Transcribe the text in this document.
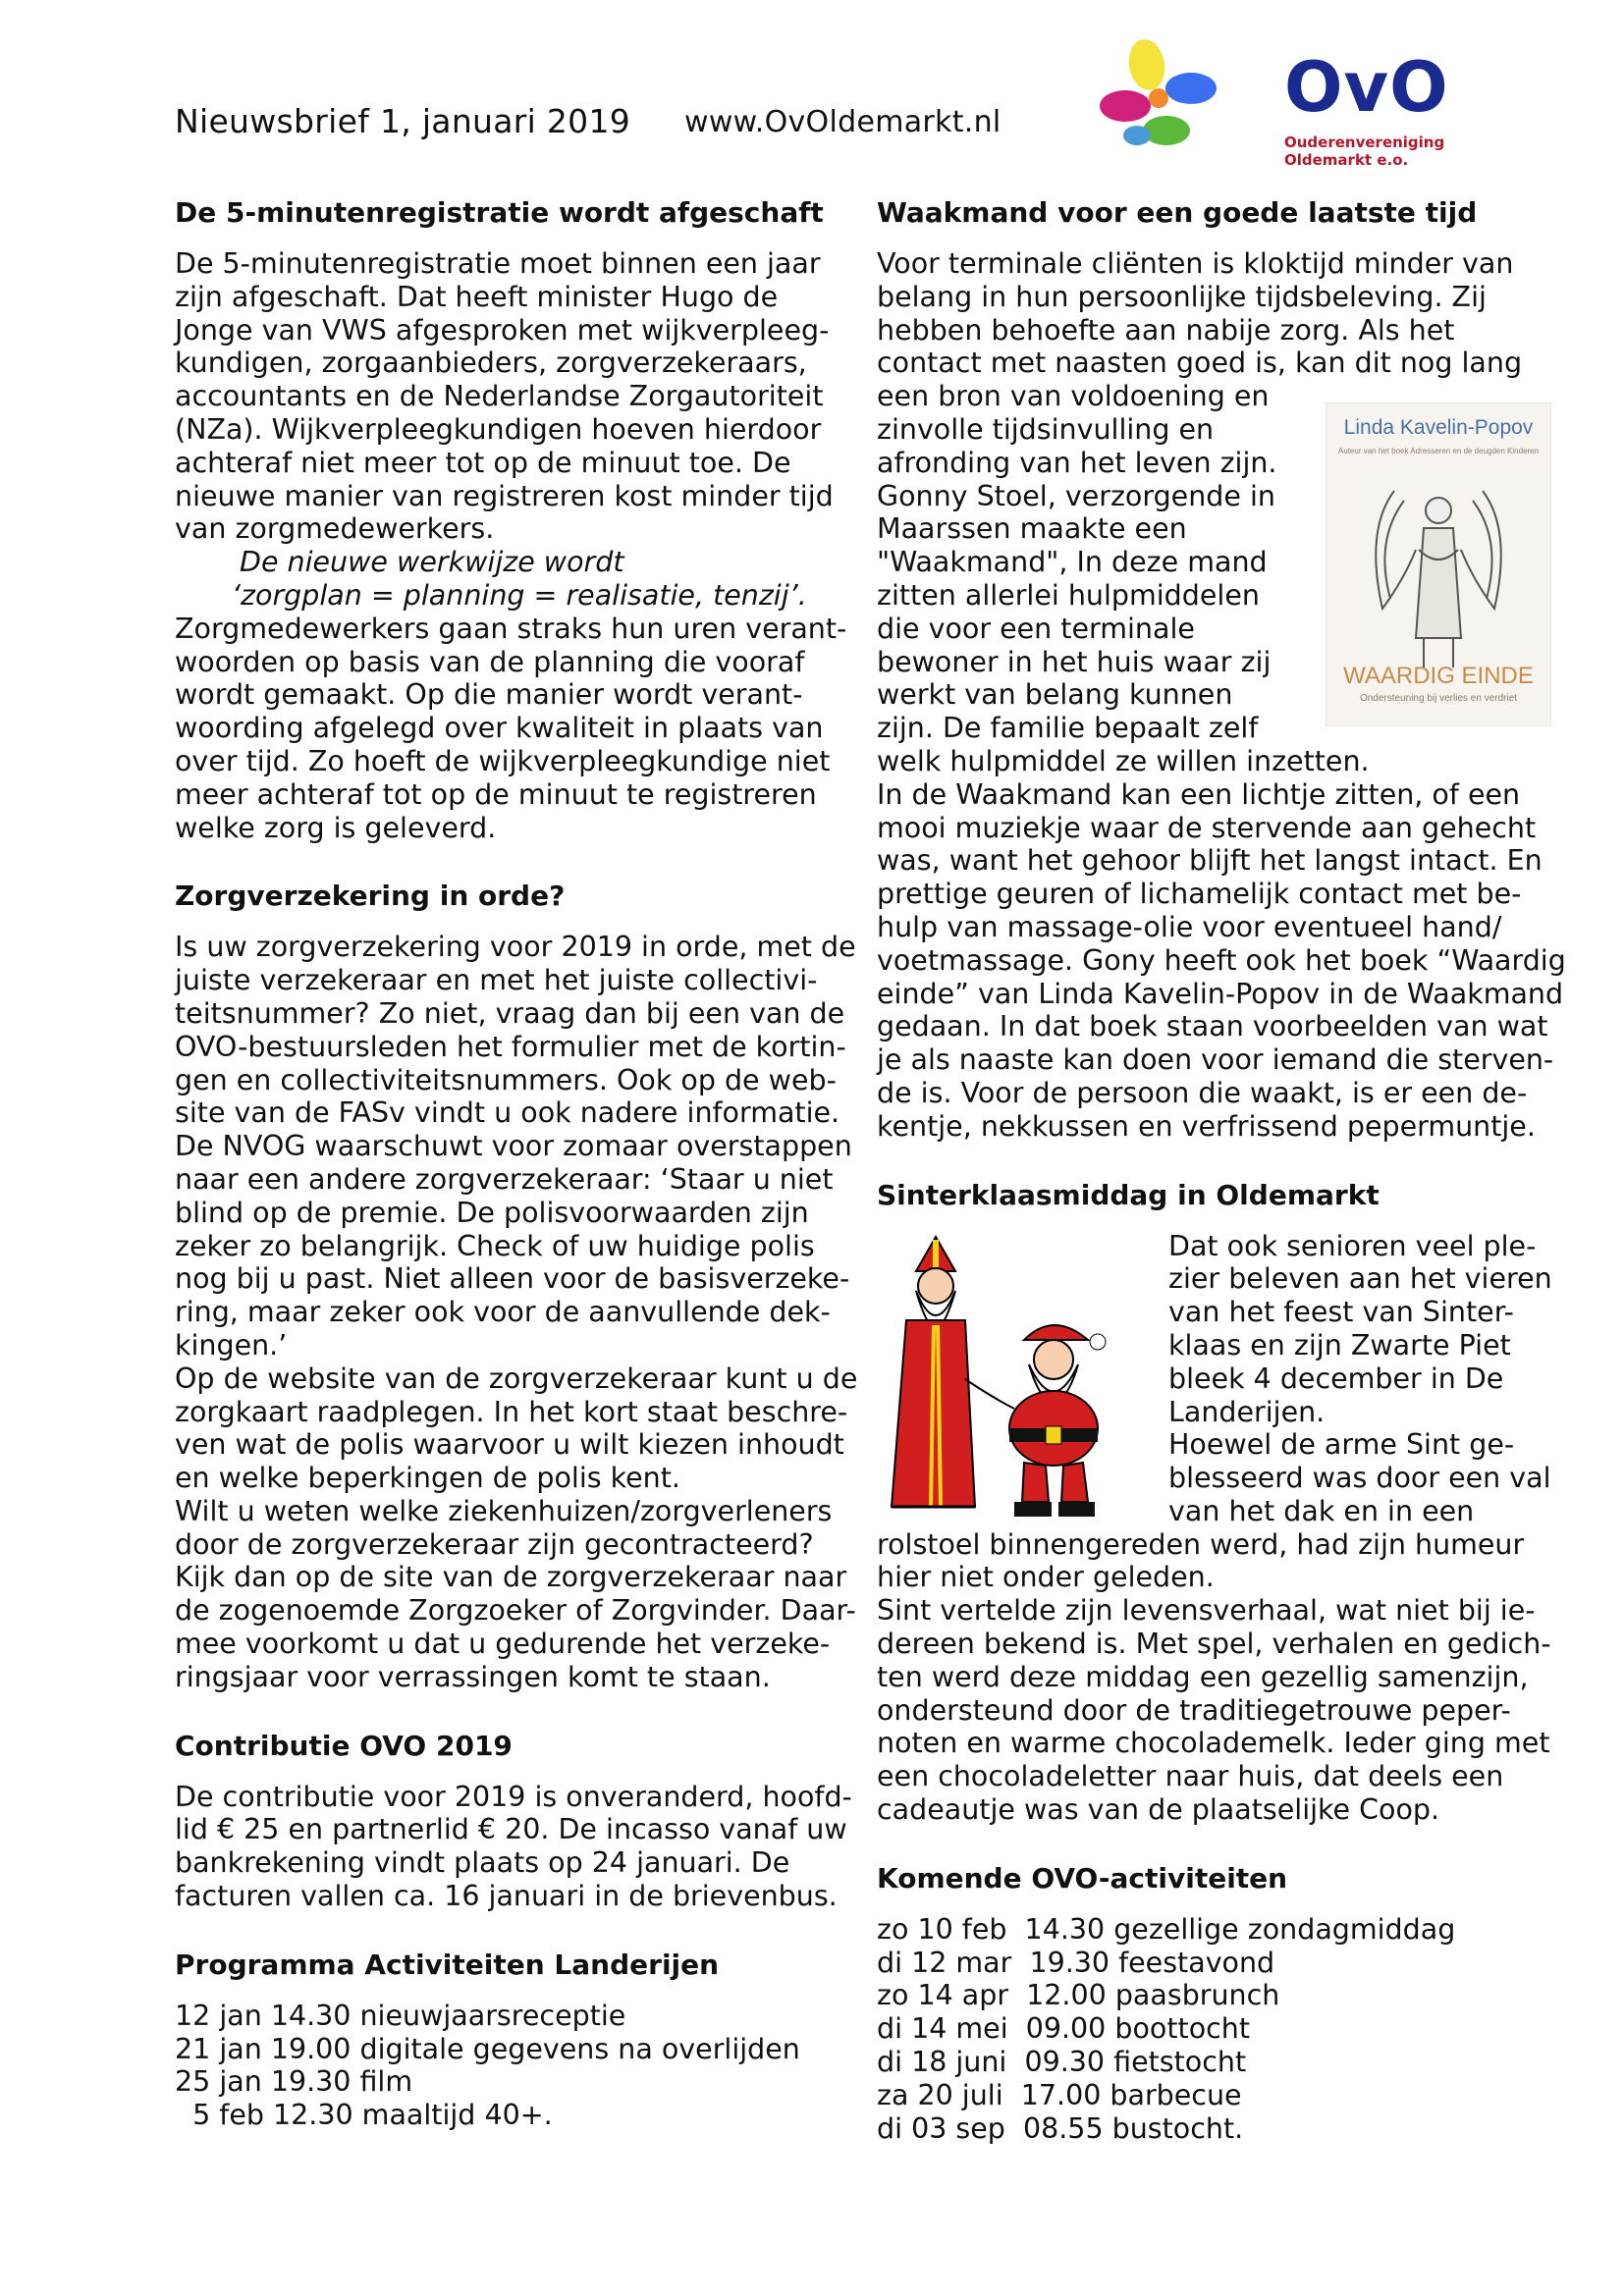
Nieuwsbrief 1, januari 2019 www.OvOldemarkt.nl	OvO
Ouderenvereniging Oldemarkt e.o.
De 5-minutenregistratie wordt afgeschaft

De 5-minutenregistratie moet binnen een jaar

zijn afgeschaft. Dat heeft minister Hugo de

Jonge van VWS afgesproken met wijkverpleeg-

kundigen, zorgaanbieders, zorgverzekeraars,

accountants en de Nederlandse Zorgautoriteit

(NZa). Wijkverpleegkundigen hoeven hierdoor

achteraf niet meer tot op de minuut toe. De

nieuwe manier van registreren kost minder tijd

van zorgmedewerkers.

De nieuwe werkwijze wordt

‘zorgplan = planning = realisatie, tenzij’.

Zorgmedewerkers gaan straks hun uren verant-

woorden op basis van de planning die vooraf

wordt gemaakt. Op die manier wordt verant-

woording afgelegd over kwaliteit in plaats van

over tijd. Zo hoeft de wijkverpleegkundige niet

meer achteraf tot op de minuut te registreren

welke zorg is geleverd.

Zorgverzekering in orde?

Is uw zorgverzekering voor 2019 in orde, met de

juiste verzekeraar en met het juiste collectivi-

teitsnummer? Zo niet, vraag dan bij een van de

OVO-bestuursleden het formulier met de kortin-

gen en collectiviteitsnummers. Ook op de web-

site van de FASv vindt u ook nadere informatie.

De NVOG waarschuwt voor zomaar overstappen

naar een andere zorgverzekeraar: ‘Staar u niet

blind op de premie. De polisvoorwaarden zijn

zeker zo belangrijk. Check of uw huidige polis

nog bij u past. Niet alleen voor de basisverzeke-

ring, maar zeker ook voor de aanvullende dek-

kingen.’

Op de website van de zorgverzekeraar kunt u de

zorgkaart raadplegen. In het kort staat beschre-

ven wat de polis waarvoor u wilt kiezen inhoudt

en welke beperkingen de polis kent.

Wilt u weten welke ziekenhuizen/zorgverleners

door de zorgverzekeraar zijn gecontracteerd?

Kijk dan op de site van de zorgverzekeraar naar

de zogenoemde Zorgzoeker of Zorgvinder. Daar-

mee voorkomt u dat u gedurende het verzeke-

ringsjaar voor verrassingen komt te staan.

Contributie OVO 2019

De contributie voor 2019 is onveranderd, hoofd-

lid € 25 en partnerlid € 20. De incasso vanaf uw

bankrekening vindt plaats op 24 januari. De

facturen vallen ca. 16 januari in de brievenbus.

Programma Activiteiten Landerijen

12 jan 14.30 nieuwjaarsreceptie

21 jan 19.00 digitale gegevens na overlijden

25 jan 19.30 film

5 feb 12.30 maaltijd 40+.

Waakmand voor een goede laatste tijd

Voor terminale cliënten is kloktijd minder van

belang in hun persoonlijke tijdsbeleving. Zij

hebben behoefte aan nabije zorg. Als het

contact met naasten goed is, kan dit nog lang

een bron van voldoening en

zinvolle tijdsinvulling en

afronding van het leven zijn.

Gonny Stoel, verzorgende in

Maarssen maakte een

"Waakmand", In deze mand

zitten allerlei hulpmiddelen

die voor een terminale

bewoner in het huis waar zij

werkt van belang kunnen

zijn. De familie bepaalt zelf

welk hulpmiddel ze willen inzetten.

In de Waakmand kan een lichtje zitten, of een

mooi muziekje waar de stervende aan gehecht

was, want het gehoor blijft het langst intact. En

prettige geuren of lichamelijk contact met be-

hulp van massage-olie voor eventueel hand/

voetmassage. Gony heeft ook het boek “Waardig

einde” van Linda Kavelin-Popov in de Waakmand

gedaan. In dat boek staan voorbeelden van wat

je als naaste kan doen voor iemand die sterven-

de is. Voor de persoon die waakt, is er een de-

kentje, nekkussen en verfrissend pepermuntje.

Sinterklaasmiddag in Oldemarkt

Dat ook senioren veel ple-

zier beleven aan het vieren

van het feest van Sinter-

klaas en zijn Zwarte Piet

bleek 4 december in De

Landerijen.

Hoewel de arme Sint ge-

blesseerd was door een val

van het dak en in een

rolstoel binnengereden werd, had zijn humeur

hier niet onder geleden.

Sint vertelde zijn levensverhaal, wat niet bij ie-

dereen bekend is. Met spel, verhalen en gedich-

ten werd deze middag een gezellig samenzijn,

ondersteund door de traditiegetrouwe peper-

noten en warme chocolademelk. Ieder ging met

een chocoladeletter naar huis, dat deels een

cadeautje was van de plaatselijke Coop.

Komende OVO-activiteiten

zo 10 feb  14.30 gezellige zondagmiddag

di 12 mar  19.30 feestavond

zo 14 apr  12.00 paasbrunch

di 14 mei  09.00 boottocht

di 18 juni  09.30 fietstocht

za 20 juli  17.00 barbecue

di 03 sep  08.55 bustocht.

Linda Kavelin-Popov
Auteur van het boek Adresseren en de deugden Kinderen
WAARDIG EINDE
Ondersteuning bij verlies en verdriet
